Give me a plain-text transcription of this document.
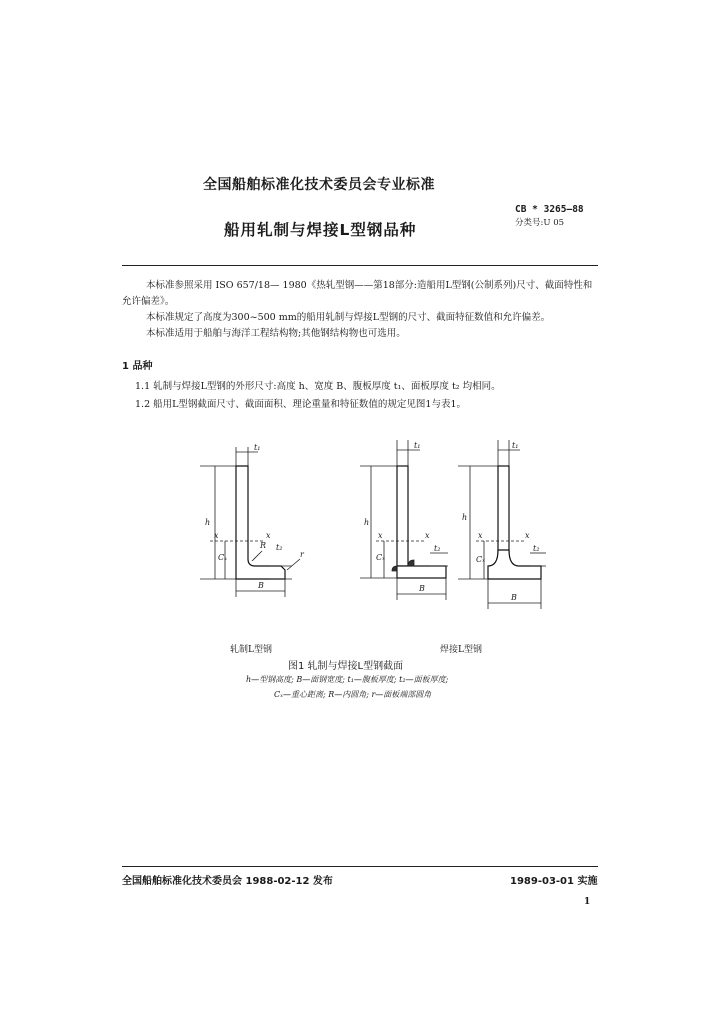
全国船舶标准化技术委员会专业标准
船用轧制与焊接L型钢品种
CB * 3265—88
分类号:U 05

本标准参照采用 ISO 657/18— 1980《热轧型钢——第18部分:造船用L型钢(公制系列)尺寸、截面特性和允许偏差》。

本标准规定了高度为300~500 mm的船用轧制与焊接L型钢的尺寸、截面特征数值和允许偏差。

本标准适用于船舶与海洋工程结构物;其他钢结构物也可选用。

1 品种
1.1 轧制与焊接L型钢的外形尺寸:高度 h、宽度 B、腹板厚度 t₁、面板厚度 t₂ 均相同。
1.2 船用L型钢截面尺寸、截面面积、理论重量和特征数值的规定见图1与表1。
t₁
h
x	x
Cₓ
R t₂
r
B
t₁
h
x	x
Cₓ
t₂
B
t₁
h
x	x
Cₓ
t₂
B
轧制L型钢	焊接L型钢
图1 轧制与焊接L型钢截面
h—型钢高度; B—面钢宽度; t₁—腹板厚度; t₂—面板厚度;
Cₓ—重心距离; R—内圆角; r—面板端部圆角
全国船舶标准化技术委员会 1988-02-12 发布	1989-03-01 实施
1
